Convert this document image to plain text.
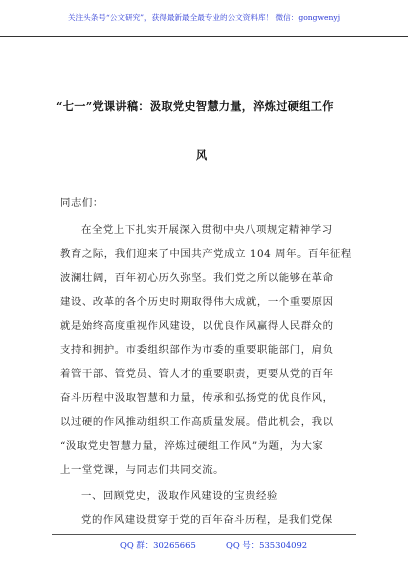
关注头条号“公文研究”，获得最新最全最专业的公文资料库！ 微信：gongwenyj
“七一”党课讲稿：汲取党史智慧力量，淬炼过硬组工作
风
同志们：
在全党上下扎实开展深入贯彻中央八项规定精神学习
教育之际，我们迎来了中国共产党成立 104 周年。百年征程
波澜壮阔，百年初心历久弥坚。我们党之所以能够在革命
建设、改革的各个历史时期取得伟大成就，一个重要原因
就是始终高度重视作风建设，以优良作风赢得人民群众的
支持和拥护。市委组织部作为市委的重要职能部门，肩负
着管干部、管党员、管人才的重要职责，更要从党的百年
奋斗历程中汲取智慧和力量，传承和弘扬党的优良作风，
以过硬的作风推动组织工作高质量发展。借此机会，我以
“汲取党史智慧力量，淬炼过硬组工作风”为题，为大家
上一堂党课，与同志们共同交流。
一、回顾党史，汲取作风建设的宝贵经验
党的作风建设贯穿于党的百年奋斗历程，是我们党保
QQ 群：30265665	QQ 号：535304092
